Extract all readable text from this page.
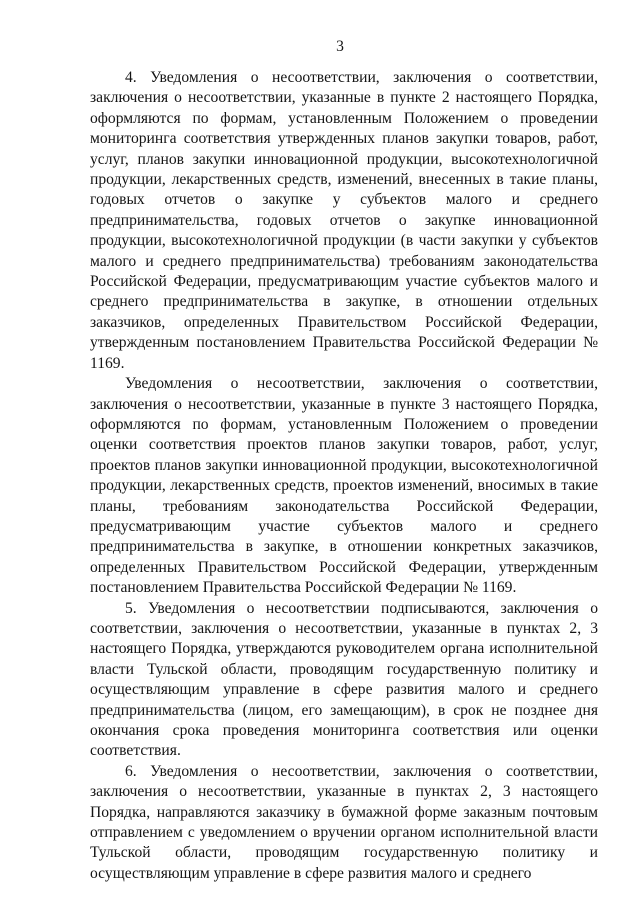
3

4. Уведомления о несоответствии, заключения о соответствии, заключения о несоответствии, указанные в пункте 2 настоящего Порядка, оформляются по формам, установленным Положением о проведении мониторинга соответствия утвержденных планов закупки товаров, работ, услуг, планов закупки инновационной продукции, высокотехнологичной продукции, лекарственных средств, изменений, внесенных в такие планы, годовых отчетов о закупке у субъектов малого и среднего предпринимательства, годовых отчетов о закупке инновационной продукции, высокотехнологичной продукции (в части закупки у субъектов малого и среднего предпринимательства) требованиям законодательства Российской Федерации, предусматривающим участие субъектов малого и среднего предпринимательства в закупке, в отношении отдельных заказчиков, определенных Правительством Российской Федерации, утвержденным постановлением Правительства Российской Федерации № 1169.

Уведомления о несоответствии, заключения о соответствии, заключения о несоответствии, указанные в пункте 3 настоящего Порядка, оформляются по формам, установленным Положением о проведении оценки соответствия проектов планов закупки товаров, работ, услуг, проектов планов закупки инновационной продукции, высокотехнологичной продукции, лекарственных средств, проектов изменений, вносимых в такие планы, требованиям законодательства Российской Федерации, предусматривающим участие субъектов малого и среднего предпринимательства в закупке, в отношении конкретных заказчиков, определенных Правительством Российской Федерации, утвержденным постановлением Правительства Российской Федерации № 1169.

5. Уведомления о несоответствии подписываются, заключения о соответствии, заключения о несоответствии, указанные в пунктах 2, 3 настоящего Порядка, утверждаются руководителем органа исполнительной власти Тульской области, проводящим государственную политику и осуществляющим управление в сфере развития малого и среднего предпринимательства (лицом, его замещающим), в срок не позднее дня окончания срока проведения мониторинга соответствия или оценки соответствия.

6. Уведомления о несоответствии, заключения о соответствии, заключения о несоответствии, указанные в пунктах 2, 3 настоящего Порядка, направляются заказчику в бумажной форме заказным почтовым отправлением с уведомлением о вручении органом исполнительной власти Тульской области, проводящим государственную политику и осуществляющим управление в сфере развития малого и среднего
